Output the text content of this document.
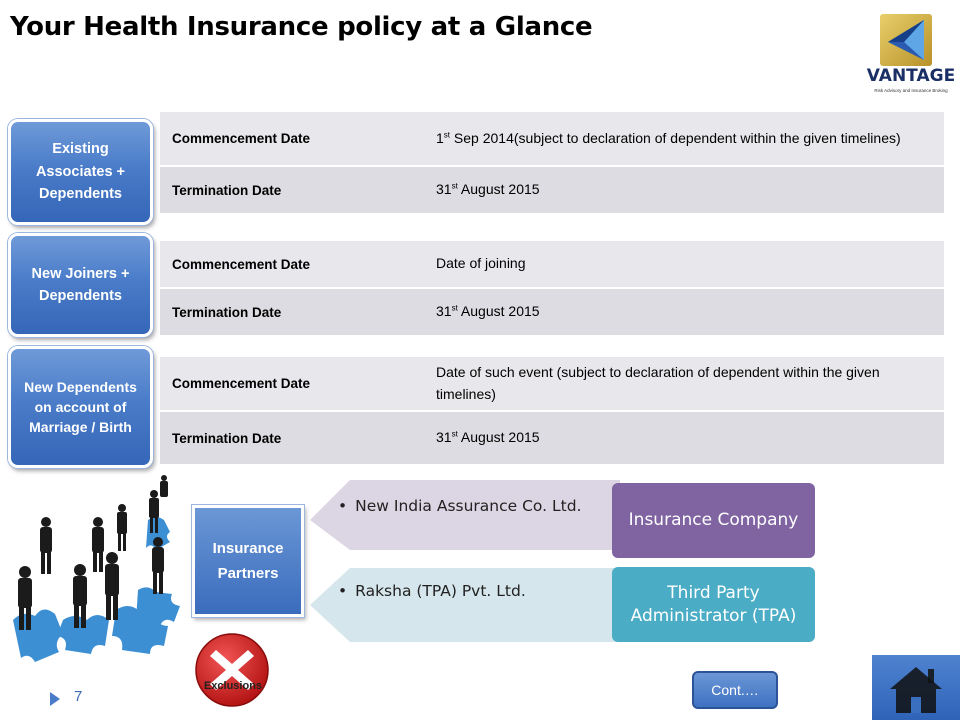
Your Health Insurance policy at a Glance
VANTAGE
Risk Advisory and Insurance Broking
Existing Associates + Dependents
Commencement Date	1st Sep 2014(subject to declaration of dependent within the given timelines)
Termination Date	31st August 2015
New Joiners + Dependents
Commencement Date	Date of joining
Termination Date	31st August 2015
New Dependents on account of Marriage / Birth
Commencement Date	Date of such event (subject to declaration of dependent within the given timelines)
Termination Date	31st August 2015
Insurance Partners
• New India Assurance Co. Ltd.
• Raksha (TPA) Pvt. Ltd.
Insurance Company
Third Party Administrator (TPA)
Exclusions
7	Cont.…
